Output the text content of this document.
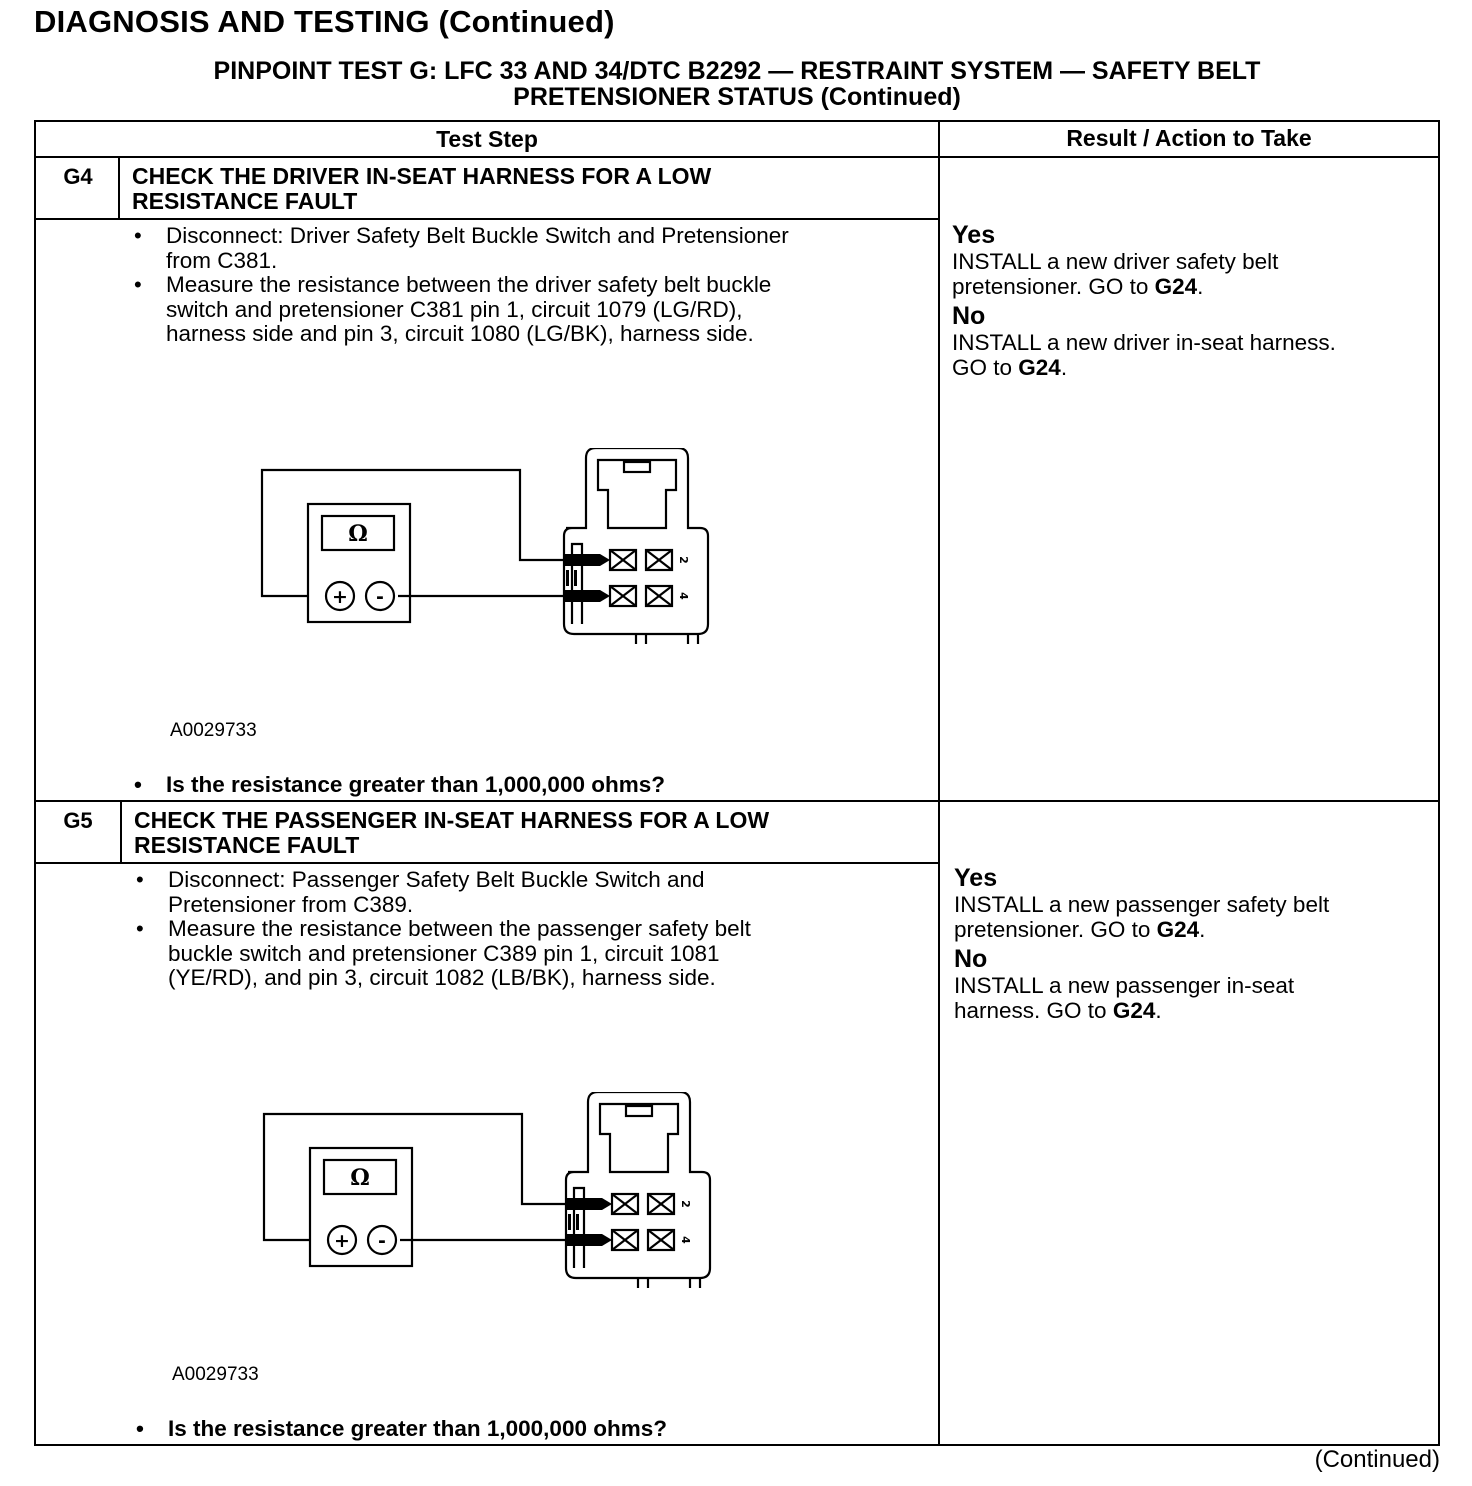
DIAGNOSIS AND TESTING (Continued)
PINPOINT TEST G: LFC 33 AND 34/DTC B2292 — RESTRAINT SYSTEM — SAFETY BELT
PRETENSIONER STATUS (Continued)
Test Step	Result / Action to Take
G4	CHECK THE DRIVER IN-SEAT HARNESS FOR A LOW
RESISTANCE FAULT
• Disconnect: Driver Safety Belt Buckle Switch and Pretensioner
from C381.
• Measure the resistance between the driver safety belt buckle
switch and pretensioner C381 pin 1, circuit 1079 (LG/RD),
harness side and pin 3, circuit 1080 (LG/BK), harness side.
Ω
+ -
2
4
A0029733
• Is the resistance greater than 1,000,000 ohms?
Yes
INSTALL a new driver safety belt
pretensioner. GO to G24.
No
INSTALL a new driver in-seat harness.
GO to G24.
G5	CHECK THE PASSENGER IN-SEAT HARNESS FOR A LOW
RESISTANCE FAULT
• Disconnect: Passenger Safety Belt Buckle Switch and
Pretensioner from C389.
• Measure the resistance between the passenger safety belt
buckle switch and pretensioner C389 pin 1, circuit 1081
(YE/RD), and pin 3, circuit 1082 (LB/BK), harness side.
Ω
+ -
2
4
A0029733
• Is the resistance greater than 1,000,000 ohms?
Yes
INSTALL a new passenger safety belt
pretensioner. GO to G24.
No
INSTALL a new passenger in-seat
harness. GO to G24.
(Continued)
